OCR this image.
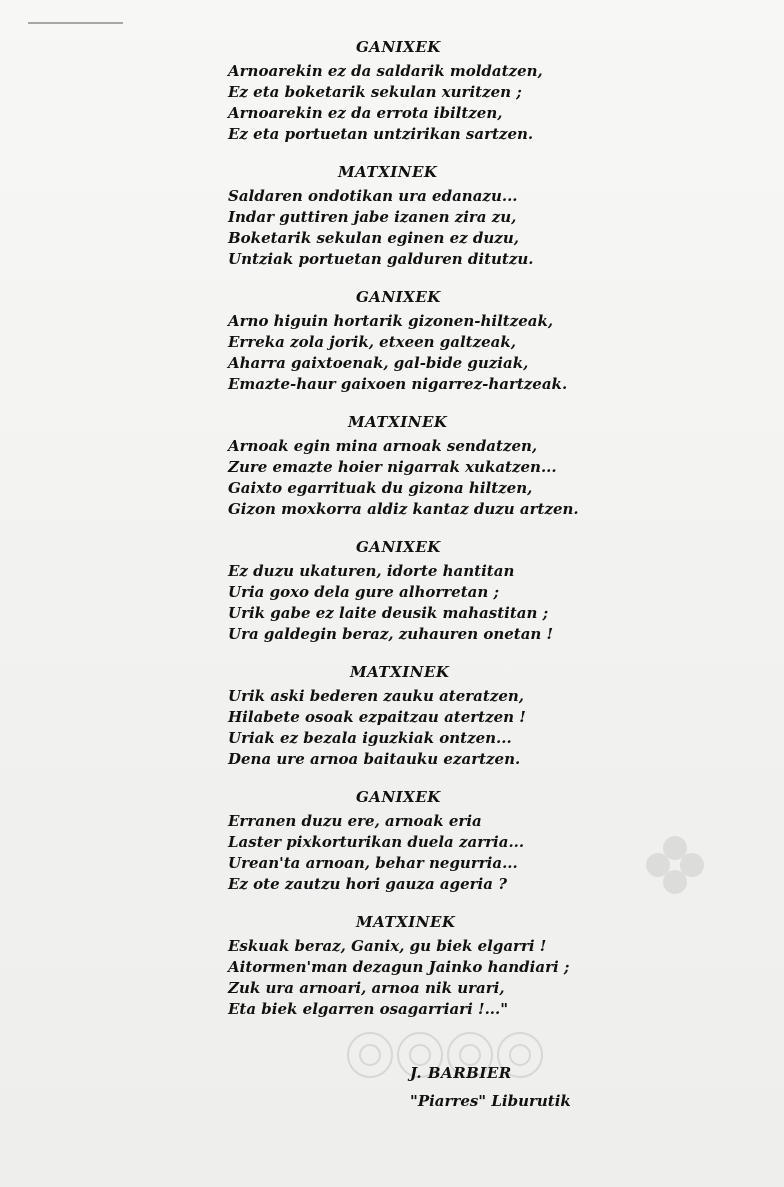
GANIXEK
Arnoarekin ez da saldarik moldatzen,
Ez eta boketarik sekulan xuritzen ;
Arnoarekin ez da errota ibiltzen,
Ez eta portuetan untzirikan sartzen.
MATXINEK
Saldaren ondotikan ura edanazu...
Indar guttiren jabe izanen zira zu,
Boketarik sekulan eginen ez duzu,
Untziak portuetan galduren ditutzu.
GANIXEK
Arno higuin hortarik gizonen-hiltzeak,
Erreka zola jorik, etxeen galtzeak,
Aharra gaixtoenak, gal-bide guziak,
Emazte-haur gaixoen nigarrez-hartzeak.
MATXINEK
Arnoak egin mina arnoak sendatzen,
Zure emazte hoier nigarrak xukatzen...
Gaixto egarrituak du gizona hiltzen,
Gizon moxkorra aldiz kantaz duzu artzen.
GANIXEK
Ez duzu ukaturen, idorte hantitan
Uria goxo dela gure alhorretan ;
Urik gabe ez laite deusik mahastitan ;
Ura galdegin beraz, zuhauren onetan !
MATXINEK
Urik aski bederen zauku ateratzen,
Hilabete osoak ezpaitzau atertzen !
Uriak ez bezala iguzkiak ontzen...
Dena ure arnoa baitauku ezartzen.
GANIXEK
Erranen duzu ere, arnoak eria
Laster pixkorturikan duela zarria...
Urean'ta arnoan, behar negurria...
Ez ote zautzu hori gauza ageria ?
MATXINEK
Eskuak beraz, Ganix, gu biek elgarri !
Aitormen'man dezagun Jainko handiari ;
Zuk ura arnoari, arnoa nik urari,
Eta biek elgarren osagarriari !..."
J. BARBIER
"Piarres" Liburutik
